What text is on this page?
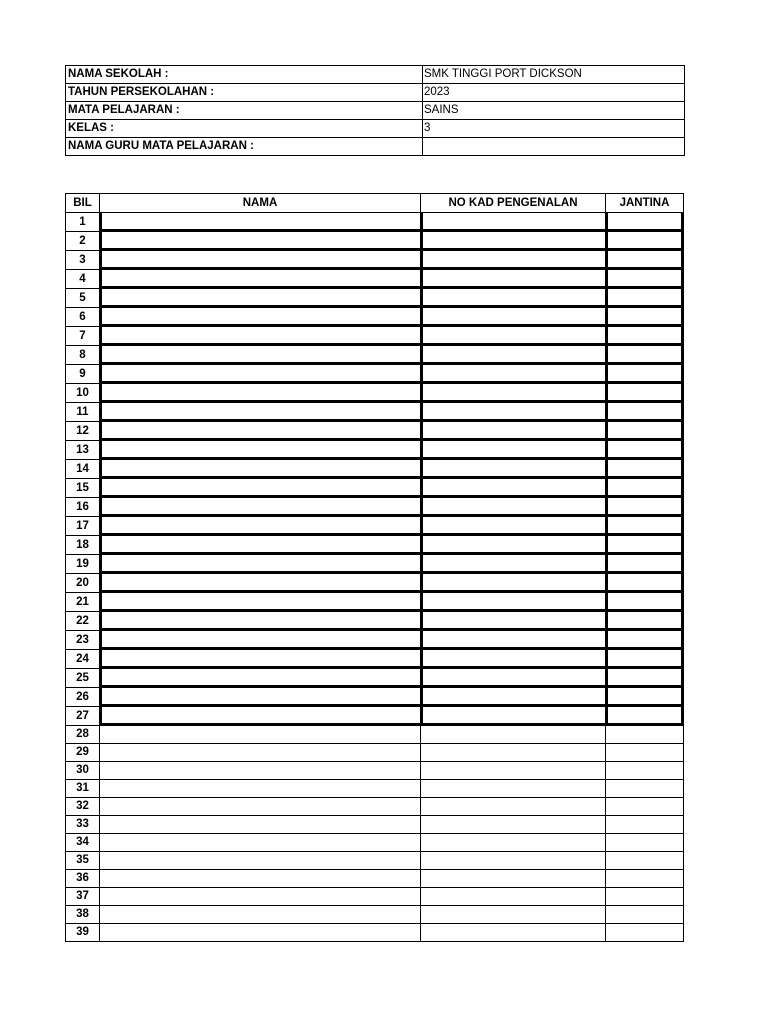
NAMA SEKOLAH :	SMK TINGGI PORT DICKSON
TAHUN PERSEKOLAHAN :	2023
MATA PELAJARAN :	SAINS
KELAS :	3
NAMA GURU MATA PELAJARAN :	
BIL	NAMA	NO KAD PENGENALAN	JANTINA
1			
2			
3			
4			
5			
6			
7			
8			
9			
10			
11			
12			
13			
14			
15			
16			
17			
18			
19			
20			
21			
22			
23			
24			
25			
26			
27			
28			
29			
30			
31			
32			
33			
34			
35			
36			
37			
38			
39			
